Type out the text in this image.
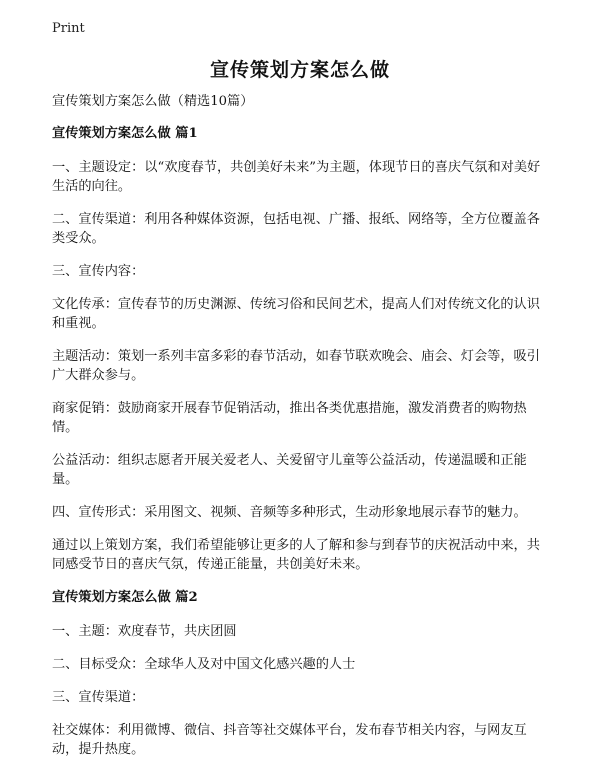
Print
宣传策划方案怎么做

宣传策划方案怎么做（精选10篇）

宣传策划方案怎么做 篇1

一、主题设定：以“欢度春节，共创美好未来”为主题，体现节日的喜庆气氛和对美好生活的向往。

二、宣传渠道：利用各种媒体资源，包括电视、广播、报纸、网络等，全方位覆盖各类受众。

三、宣传内容：

文化传承：宣传春节的历史渊源、传统习俗和民间艺术，提高人们对传统文化的认识和重视。

主题活动：策划一系列丰富多彩的春节活动，如春节联欢晚会、庙会、灯会等，吸引广大群众参与。

商家促销：鼓励商家开展春节促销活动，推出各类优惠措施，激发消费者的购物热情。

公益活动：组织志愿者开展关爱老人、关爱留守儿童等公益活动，传递温暖和正能量。

四、宣传形式：采用图文、视频、音频等多种形式，生动形象地展示春节的魅力。

通过以上策划方案，我们希望能够让更多的人了解和参与到春节的庆祝活动中来，共同感受节日的喜庆气氛，传递正能量，共创美好未来。

宣传策划方案怎么做 篇2

一、主题：欢度春节，共庆团圆

二、目标受众：全球华人及对中国文化感兴趣的人士

三、宣传渠道：

社交媒体：利用微博、微信、抖音等社交媒体平台，发布春节相关内容，与网友互动，提升热度。
